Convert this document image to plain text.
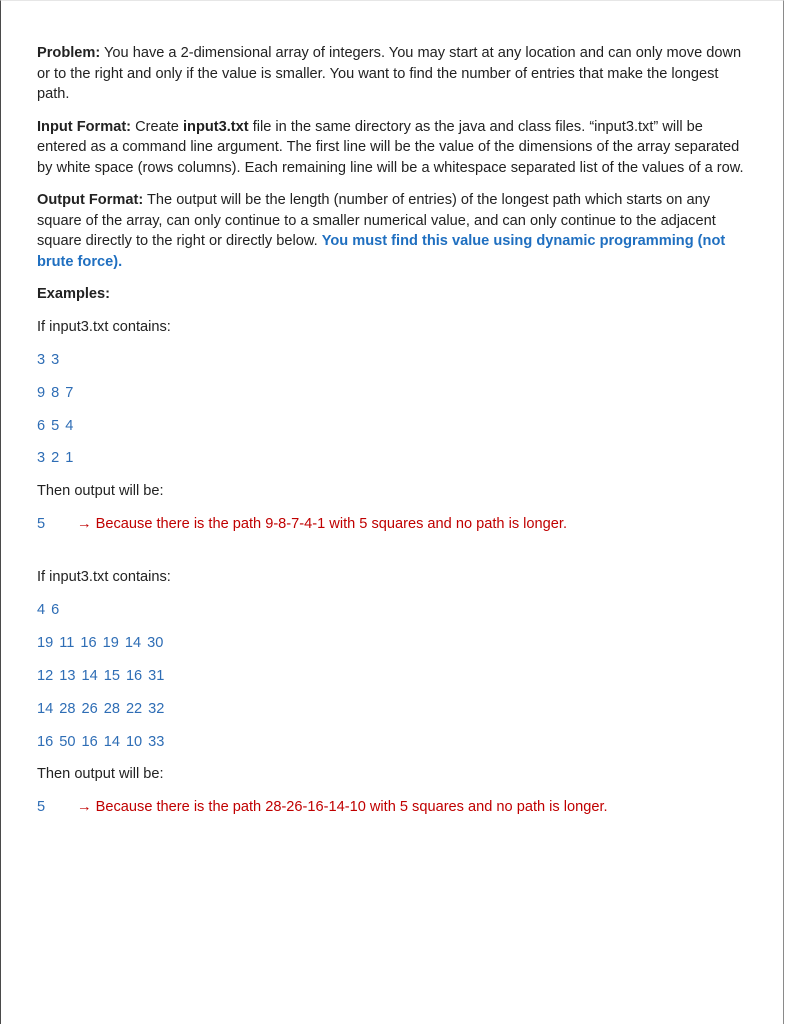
Problem: You have a 2-dimensional array of integers. You may start at any location and can only move down or to the right and only if the value is smaller. You want to find the number of entries that make the longest path.

Input Format: Create input3.txt file in the same directory as the java and class files. “input3.txt” will be entered as a command line argument. The first line will be the value of the dimensions of the array separated by white space (rows columns). Each remaining line will be a whitespace separated list of the values of a row.

Output Format: The output will be the length (number of entries) of the longest path which starts on any square of the array, can only continue to a smaller numerical value, and can only continue to the adjacent square directly to the right or directly below. You must find this value using dynamic programming (not brute force).

Examples:

If input3.txt contains:

3 3

9 8 7

6 5 4

3 2 1

Then output will be:

5 → Because there is the path 9-8-7-4-1 with 5 squares and no path is longer.

If input3.txt contains:

4 6

19 11 16 19 14 30

12 13 14 15 16 31

14 28 26 28 22 32

16 50 16 14 10 33

Then output will be:

5 → Because there is the path 28-26-16-14-10 with 5 squares and no path is longer.
